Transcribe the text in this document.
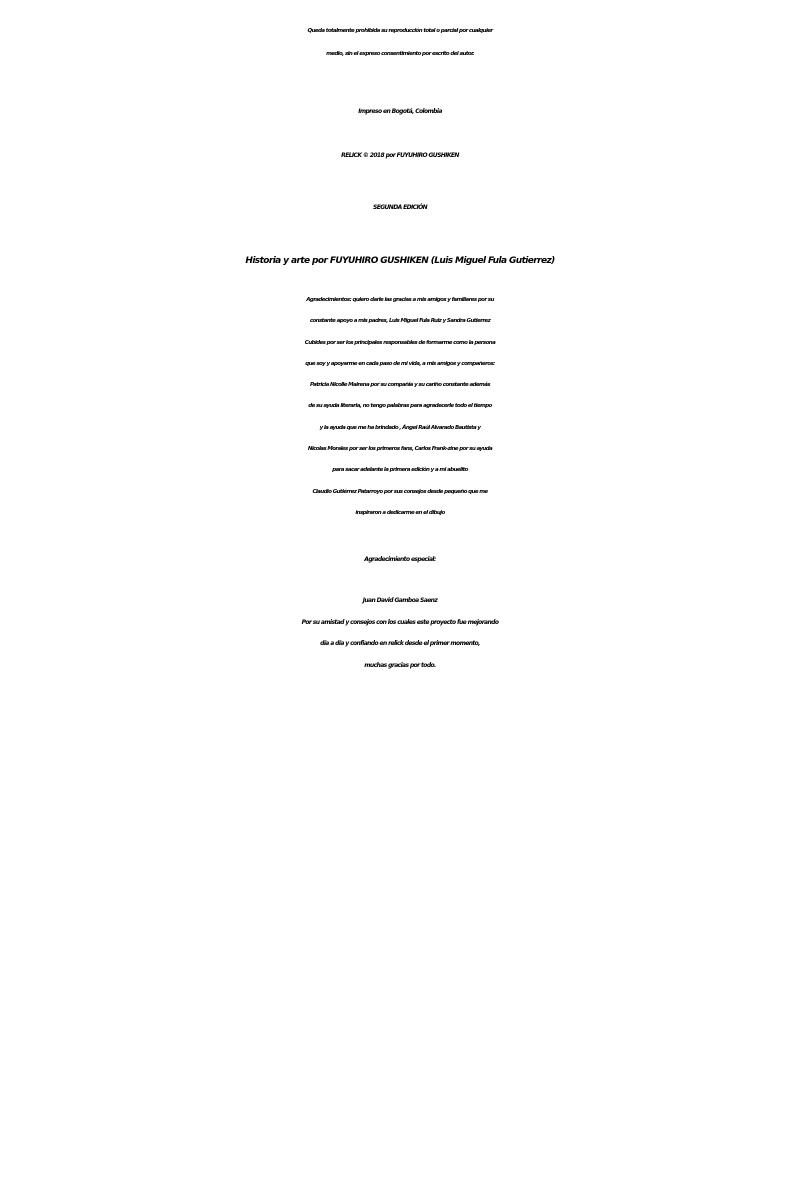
Queda totalmente prohibida su reproducción total o parcial por cualquier
medio, sin el expreso consentimiento por escrito del autor.
Impreso en Bogotá, Colombia
RELICK © 2018 por FUYUHIRO GUSHIKEN
SEGUNDA EDICIÓN
Historia y arte por FUYUHIRO GUSHIKEN (Luis Miguel Fula Gutierrez)
Agradecimientos: quiero darle las gracias a mis amigos y familiares por su
constante apoyo a mis padres, Luis Miguel Fula Ruiz y Sandra Gutierrez
Cubides por ser los principales responsables de formarme como la persona
que soy y apoyarme en cada paso de mi vida, a mis amigos y compañeros:
Patricia Nicolle Mairena por su compañía y su cariño constante además
de su ayuda literaria, no tengo palabras para agradecerle todo el tiempo
y la ayuda que me ha brindado , Ángel Raúl Alvarado Bautista y
Nicolas Morales por ser los primeros fans, Carlos Frank-zine por su ayuda
para sacar adelante la primera edición y a mi abuelito
Claudio Gutiérrez Patarroyo por sus consejos desde pequeño que me
inspiraron a dedicarme en el dibujo
Agradecimiento especial:
Juan David Gamboa Saenz
Por su amistad y consejos con los cuales este proyecto fue mejorando
día a día y confiando en relick desde el primer momento,
muchas gracias por todo.
